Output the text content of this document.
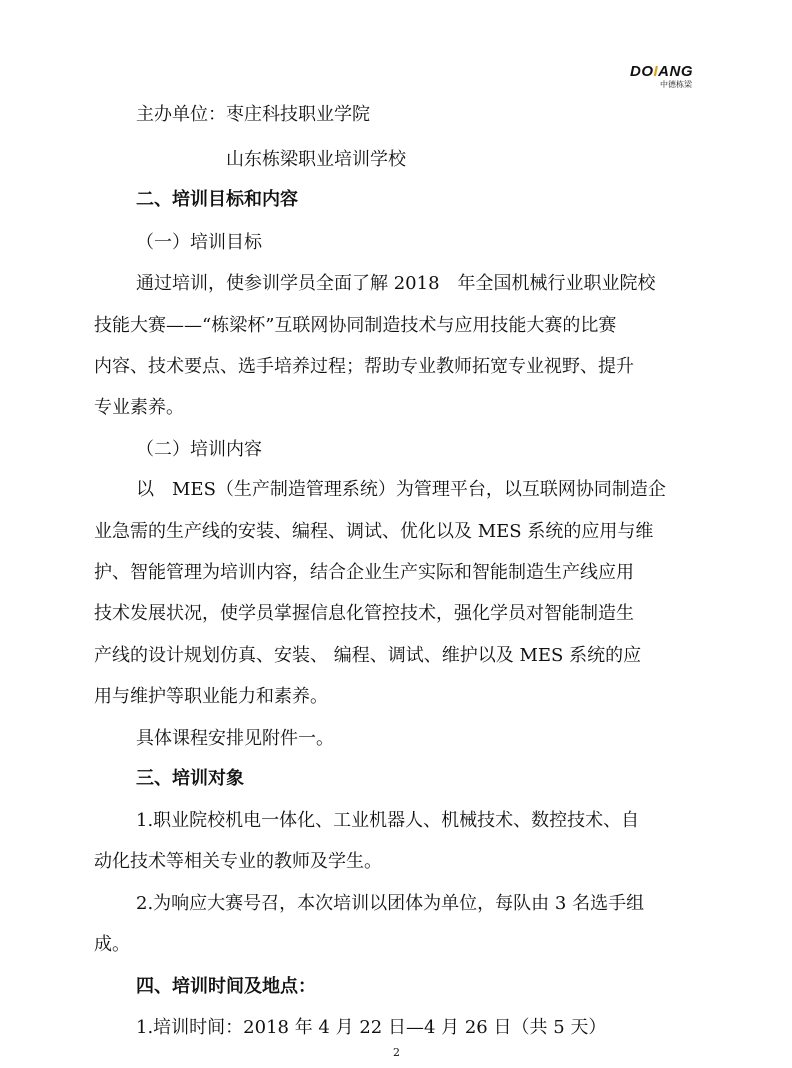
DOIANG
中德栋梁
主办单位：枣庄科技职业学院
山东栋梁职业培训学校
二、培训目标和内容
（一）培训目标
通过培训，使参训学员全面了解 2018　年全国机械行业职业院校
技能大赛——“栋梁杯”互联网协同制造技术与应用技能大赛的比赛
内容、技术要点、选手培养过程；帮助专业教师拓宽专业视野、提升
专业素养。
（二）培训内容
以　MES（生产制造管理系统）为管理平台，以互联网协同制造企
业急需的生产线的安装、编程、调试、优化以及 MES 系统的应用与维
护、智能管理为培训内容，结合企业生产实际和智能制造生产线应用
技术发展状况，使学员掌握信息化管控技术，强化学员对智能制造生
产线的设计规划仿真、安装、 编程、调试、维护以及 MES 系统的应
用与维护等职业能力和素养。
具体课程安排见附件一。
三、培训对象
1.职业院校机电一体化、工业机器人、机械技术、数控技术、自
动化技术等相关专业的教师及学生。
2.为响应大赛号召，本次培训以团体为单位，每队由 3 名选手组
成。
四、培训时间及地点：
1.培训时间：2018 年 4 月 22 日—4 月 26 日（共 5 天）
2
